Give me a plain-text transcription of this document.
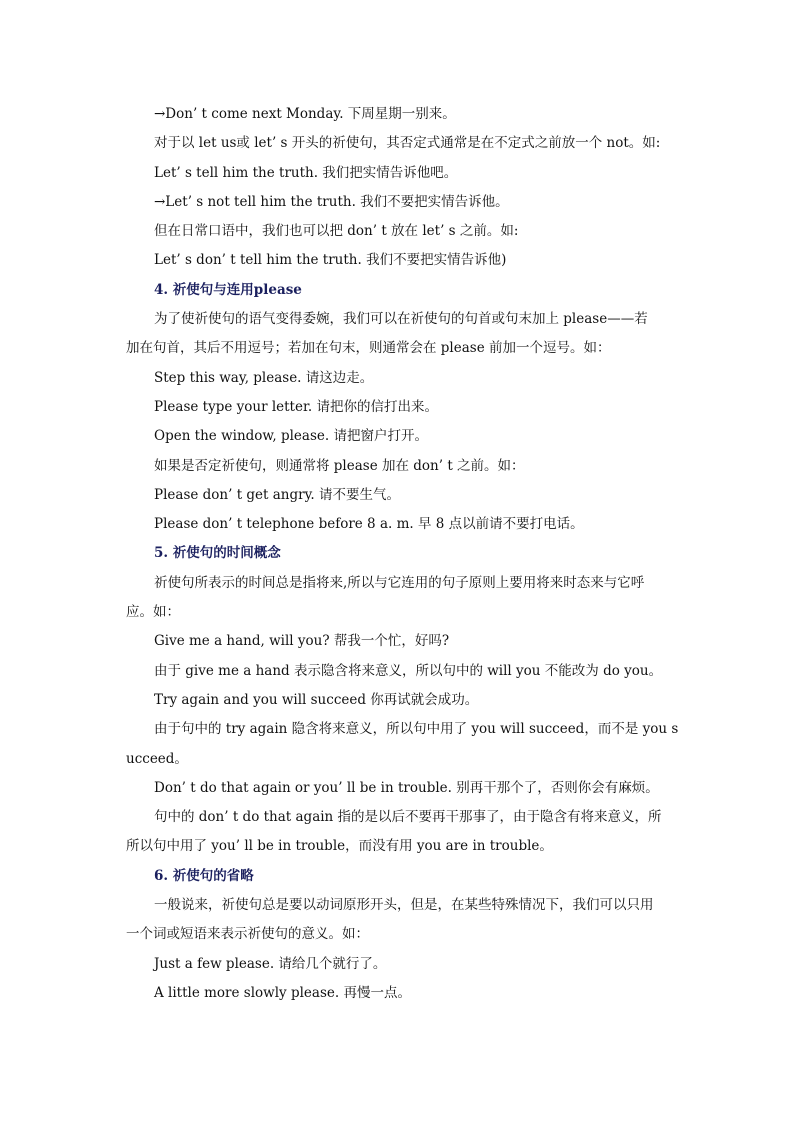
→Don’ t come next Monday. 下周星期一别来。
对于以 let us或 let’ s 开头的祈使句，其否定式通常是在不定式之前放一个 not。如:
Let’ s tell him the truth. 我们把实情告诉他吧。
→Let’ s not tell him the truth. 我们不要把实情告诉他。
但在日常口语中，我们也可以把 don’ t 放在 let’ s 之前。如:
Let’ s don’ t tell him the truth. 我们不要把实情告诉他)
4. 祈使句与连用please
为了使祈使句的语气变得委婉，我们可以在祈使句的句首或句末加上 please——若
加在句首，其后不用逗号；若加在句末，则通常会在 please 前加一个逗号。如：
Step this way, please. 请这边走。
Please type your letter. 请把你的信打出来。
Open the window, please. 请把窗户打开。
如果是否定祈使句，则通常将 please 加在 don’ t 之前。如：
Please don’ t get angry. 请不要生气。
Please don’ t telephone before 8 a. m. 早 8 点以前请不要打电话。
5. 祈使句的时间概念
祈使句所表示的时间总是指将来,所以与它连用的句子原则上要用将来时态来与它呼
应。如：
Give me a hand, will you? 帮我一个忙，好吗?
由于 give me a hand 表示隐含将来意义，所以句中的 will you 不能改为 do you。
Try again and you will succeed 你再试就会成功。
由于句中的 try again 隐含将来意义，所以句中用了 you will succeed，而不是 you s
ucceed。
Don’ t do that again or you’ ll be in trouble. 别再干那个了，否则你会有麻烦。
句中的 don’ t do that again 指的是以后不要再干那事了，由于隐含有将来意义，所
所以句中用了 you’ ll be in trouble，而没有用 you are in trouble。
6. 祈使句的省略
一般说来，祈使句总是要以动词原形开头，但是，在某些特殊情况下，我们可以只用
一个词或短语来表示祈使句的意义。如：
Just a few please. 请给几个就行了。
A little more slowly please. 再慢一点。
